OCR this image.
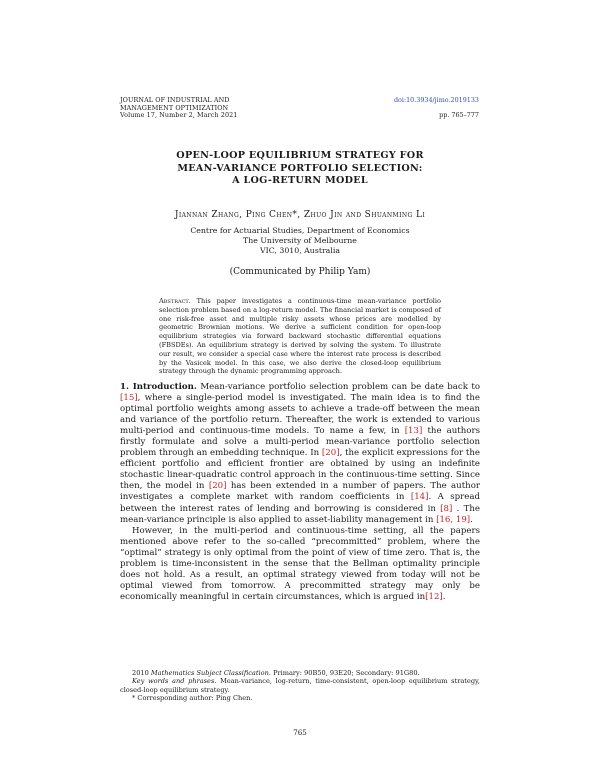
JOURNAL OF INDUSTRIAL AND
MANAGEMENT OPTIMIZATION
Volume 17, Number 2, March 2021
doi:10.3934/jimo.2019133
pp. 765–777
OPEN-LOOP EQUILIBRIUM STRATEGY FOR
MEAN-VARIANCE PORTFOLIO SELECTION:
A LOG-RETURN MODEL
Jiannan Zhang, Ping Chen*, Zhuo Jin and Shuanming Li
Centre for Actuarial Studies, Department of Economics
The University of Melbourne
VIC, 3010, Australia
(Communicated by Philip Yam)
Abstract. This paper investigates a continuous-time mean-variance portfolio selection problem based on a log-return model. The financial market is composed of one risk-free asset and multiple risky assets whose prices are modelled by geometric Brownian motions. We derive a sufficient condition for open-loop equilibrium strategies via forward backward stochastic differential equations (FBSDEs). An equilibrium strategy is derived by solving the system. To illustrate our result, we consider a special case where the interest rate process is described by the Vasicek model. In this case, we also derive the closed-loop equilibrium strategy through the dynamic programming approach.

1. Introduction. Mean-variance portfolio selection problem can be date back to [15], where a single-period model is investigated. The main idea is to find the optimal portfolio weights among assets to achieve a trade-off between the mean and variance of the portfolio return. Thereafter, the work is extended to various multi-period and continuous-time models. To name a few, in [13] the authors firstly formulate and solve a multi-period mean-variance portfolio selection problem through an embedding technique. In [20], the explicit expressions for the efficient portfolio and efficient frontier are obtained by using an indefinite stochastic linear-quadratic control approach in the continuous-time setting. Since then, the model in [20] has been extended in a number of papers. The author investigates a complete market with random coefficients in [14]. A spread between the interest rates of lending and borrowing is considered in [8] . The mean-variance principle is also applied to asset-liability management in [16, 19].

However, in the multi-period and continuous-time setting, all the papers mentioned above refer to the so-called “precommitted” problem, where the “optimal” strategy is only optimal from the point of view of time zero. That is, the problem is time-inconsistent in the sense that the Bellman optimality principle does not hold. As a result, an optimal strategy viewed from today will not be optimal viewed from tomorrow. A precommitted strategy may only be economically meaningful in certain circumstances, which is argued in[12].

2010 Mathematics Subject Classification. Primary: 90B50, 93E20; Secondary: 91G80.

Key words and phrases. Mean-variance, log-return, time-consistent, open-loop equilibrium strategy, closed-loop equilibrium strategy.

* Corresponding author: Ping Chen.

765
